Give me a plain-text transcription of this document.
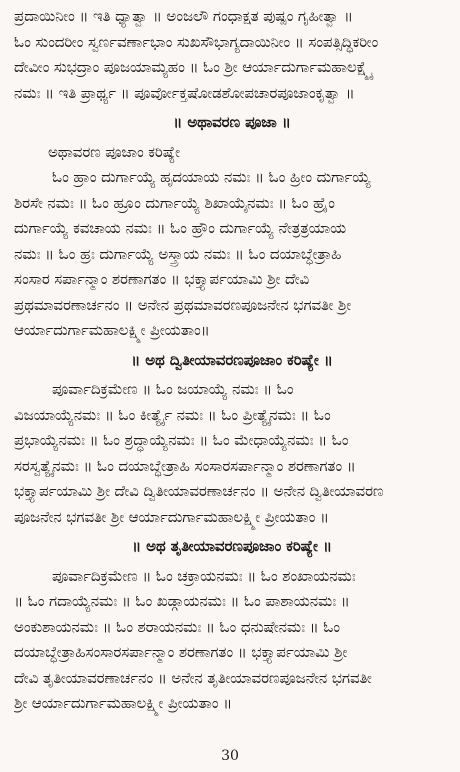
ಪ್ರದಾಯಿನೀಂ ॥ ಇತಿ ಧ್ಯಾತ್ವಾ ॥ ಅಂಜಲೌ ಗಂಧಾಕ್ಷತ ಪುಷ್ಪಂ ಗೃಹೀತ್ವಾ ॥
ಓಂ ಸುಂದರೀಂ ಸ್ವರ್ಣವರ್ಣಾಭಾಂ ಸುಖಸೌಭಾಗ್ಯದಾಯಿನೀಂ ॥ ಸಂಪತ್ಸಿದ್ಧಿಕರೀಂ
ದೇವೀಂ ಸುಭದ್ರಾಂ ಪೂಜಯಾಮ್ಯಹಂ ॥ ಓಂ ಶ್ರೀ ಆರ್ಯಾದುರ್ಗಾಮಹಾಲಕ್ಷ್ಮೈ
ನಮಃ ॥ ಇತಿ ಪ್ರಾರ್ಥ್ಯ ॥ ಪೂರ್ವೋಕ್ತಷೋಡಶೋಪಚಾರಪೂಜಾಂಕೃತ್ವಾ ॥
॥ ಅಥಾವರಣ ಪೂಜಾ ॥
ಅಥಾವರಣ ಪೂಜಾಂ ಕರಿಷ್ಯೇ
ಓಂ ಹ್ರಾಂ ದುರ್ಗಾಯ್ಯೆ ಹೃದಯಾಯ ನಮಃ ॥ ಓಂ ಹ್ರೀಂ ದುರ್ಗಾಯ್ಯೆ
ಶಿರಸೇ ನಮಃ ॥ ಓಂ ಹ್ರೂಂ ದುರ್ಗಾಯ್ಯೆ ಶಿಖಾಯೈನಮಃ ॥ ಓಂ ಹ್ರೈಂ
ದುರ್ಗಾಯ್ಯೆ ಕವಚಾಯ ನಮಃ ॥ ಓಂ ಹ್ರೌಂ ದುರ್ಗಾಯ್ಯೆ ನೇತ್ರತ್ರಯಾಯ
ನಮಃ ॥ ಓಂ ಹ್ರಃ ದುರ್ಗಾಯ್ಯೆ ಅಸ್ತ್ರಾಯ ನಮಃ ॥ ಓಂ ದಯಾಬ್ಧೇತ್ರಾಹಿ
ಸಂಸಾರ ಸರ್ಪಾನ್ಮಾಂ ಶರಣಾಗತಂ ॥ ಭಕ್ತ್ಯಾರ್ಪಯಾಮಿ ಶ್ರೀ ದೇವಿ
ಪ್ರಥಮಾವರಣಾರ್ಚನಂ ॥ ಅನೇನ ಪ್ರಥಮಾವರಣಪೂಜನೇನ ಭಗವತೀ ಶ್ರೀ
ಆರ್ಯಾದುರ್ಗಾಮಹಾಲಕ್ಷ್ಮೀ ಪ್ರೀಯತಾಂ॥
॥ ಅಥ ದ್ವಿತೀಯಾವರಣಪೂಜಾಂ ಕರಿಷ್ಯೇ ॥
ಪೂರ್ವಾದಿಕ್ರಮೇಣ ॥ ಓಂ ಜಯಾಯ್ಯೆ ನಮಃ ॥ ಓಂ
ವಿಜಯಾಯ್ಯೆನಮಃ ॥ ಓಂ ಕೀರ್ತ್ಯೈ ನಮಃ ॥ ಓಂ ಪ್ರೀತ್ಯೈನಮಃ ॥ ಓಂ
ಪ್ರಭಾಯ್ಯೆನಮಃ ॥ ಓಂ ಶ್ರದ್ಧಾಯ್ಯೆನಮಃ ॥ ಓಂ ಮೇಧಾಯ್ಯೆನಮಃ ॥ ಓಂ
ಸರಸ್ವತ್ಯೈನಮಃ ॥ ಓಂ ದಯಾಬ್ಧೇತ್ರಾಹಿ ಸಂಸಾರಸರ್ಪಾನ್ಮಾಂ ಶರಣಾಗತಂ ॥
ಭಕ್ತ್ಯಾರ್ಪಯಾಮಿ ಶ್ರೀ ದೇವಿ ದ್ವಿತೀಯಾವರಣಾರ್ಚನಂ ॥ ಅನೇನ ದ್ವಿತೀಯಾವರಣ
ಪೂಜನೇನ ಭಗವತೀ ಶ್ರೀ ಆರ್ಯಾದುರ್ಗಾಮಹಾಲಕ್ಷ್ಮೀ ಪ್ರೀಯತಾಂ ॥
॥ ಅಥ ತೃತೀಯಾವರಣಪೂಜಾಂ ಕರಿಷ್ಯೇ ॥
ಪೂರ್ವಾದಿಕ್ರಮೇಣ ॥ ಓಂ ಚಕ್ರಾಯನಮಃ ॥ ಓಂ ಶಂಖಾಯನಮಃ
॥ ಓಂ ಗದಾಯ್ಯೆನಮಃ ॥ ಓಂ ಖಡ್ಗಾಯನಮಃ ॥ ಓಂ ಪಾಶಾಯನಮಃ ॥
ಅಂಕುಶಾಯನಮಃ ॥ ಓಂ ಶರಾಯನಮಃ ॥ ಓಂ ಧನುಷೇನಮಃ ॥ ಓಂ
ದಯಾಬ್ಧೇತ್ರಾಹಿಸಂಸಾರಸರ್ಪಾನ್ಮಾಂ ಶರಣಾಗತಂ ॥ ಭಕ್ತ್ಯಾರ್ಪಯಾಮಿ ಶ್ರೀ
ದೇವಿ ತೃತೀಯಾವರಣಾರ್ಚನಂ ॥ ಅನೇನ ತೃತೀಯಾವರಣಪೂಜನೇನ ಭಗವತೀ
ಶ್ರೀ ಆರ್ಯಾದುರ್ಗಾಮಹಾಲಕ್ಷ್ಮೀ ಪ್ರೀಯತಾಂ ॥
30
